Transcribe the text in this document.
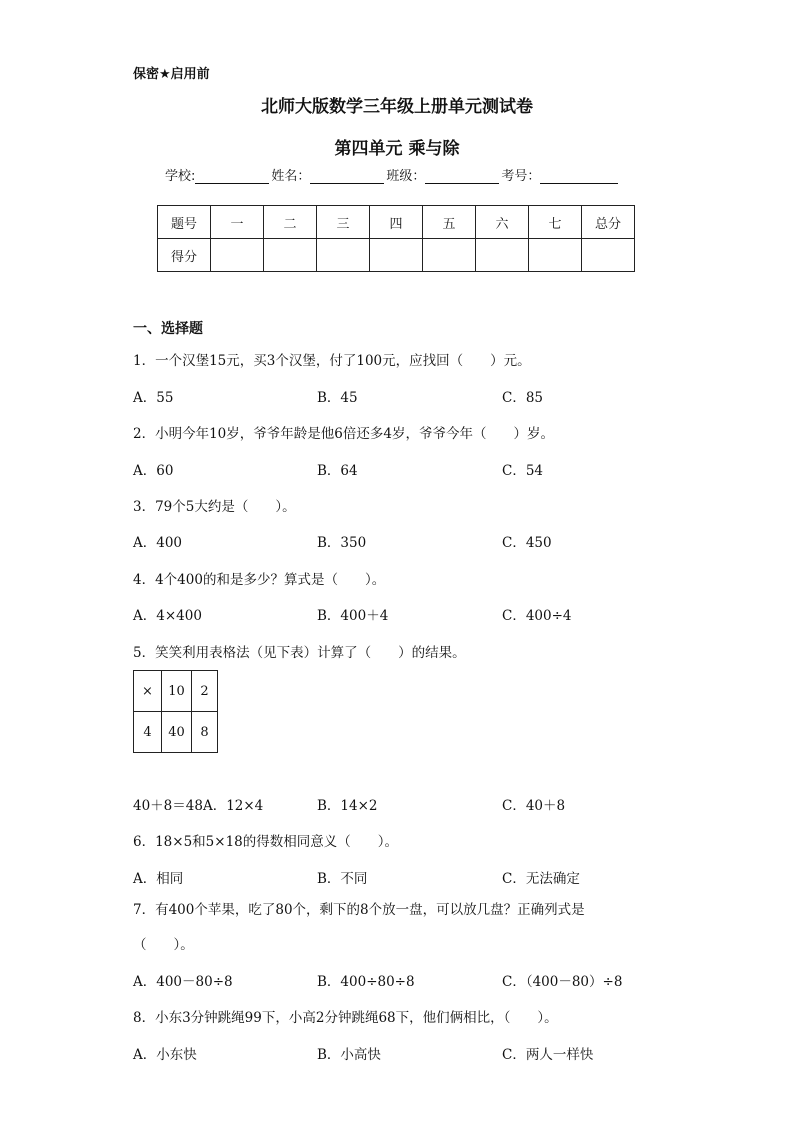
保密★启用前
北师大版数学三年级上册单元测试卷
第四单元 乘与除
学校:	姓名：	班级：	考号：
题号	一	二	三	四	五	六	七	总分
得分								
一、选择题
1．一个汉堡15元，买3个汉堡，付了100元，应找回（　　）元。
A．55	B．45	C．85
2．小明今年10岁，爷爷年龄是他6倍还多4岁，爷爷今年（　　）岁。
A．60	B．64	C．54
3．79个5大约是（　　）。
A．400	B．350	C．450
4．4个400的和是多少？算式是（　　）。
A．4×400	B．400＋4	C．400÷4
5．笑笑利用表格法（见下表）计算了（　　）的结果。
×	10	2
4	40	8
40＋8＝48A．12×4	B．14×2	C．40＋8
6．18×5和5×18的得数相同意义（　　）。
A．相同	B．不同	C．无法确定
7．有400个苹果，吃了80个，剩下的8个放一盘，可以放几盘？正确列式是
（　　）。
A．400－80÷8	B．400÷80÷8	C．（400－80）÷8
8．小东3分钟跳绳99下，小高2分钟跳绳68下，他们俩相比，（　　）。
A．小东快	B．小高快	C．两人一样快
